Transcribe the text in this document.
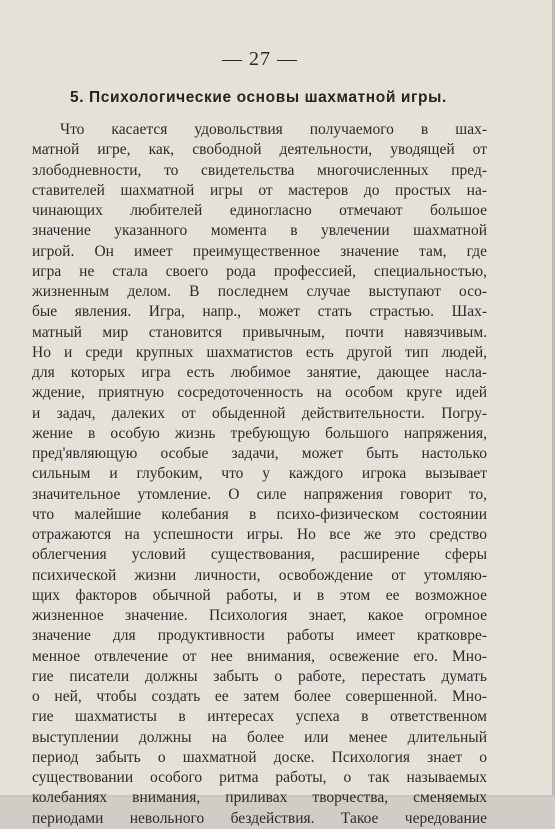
— 27 —

5. Психологические основы шахматной игры.
Что касается удовольствия получаемого в шах-
матной игре, как, свободной деятельности, уводящей от
злободневности, то свидетельства многочисленных пред-
ставителей шахматной игры от мастеров до простых на-
чинающих любителей единогласно отмечают большое
значение указанного момента в увлечении шахматной
игрой. Он имеет преимущественное значение там, где
игра не стала своего рода профессией, специальностью,
жизненным делом. В последнем случае выступают осо-
бые явления. Игра, напр., может стать страстью. Шах-
матный мир становится привычным, почти навязчивым.
Но и среди крупных шахматистов есть другой тип людей,
для которых игра есть любимое занятие, дающее насла-
ждение, приятную сосредоточенность на особом круге идей
и задач, далеких от обыденной действительности. Погру-
жение в особую жизнь требующую большого напряжения,
пред'являющую особые задачи, может быть настолько
сильным и глубоким, что у каждого игрока вызывает
значительное утомление. О силе напряжения говорит то,
что малейшие колебания в психо-физическом состоянии
отражаются на успешности игры. Но все же это средство
облегчения условий существования, расширение сферы
психической жизни личности, освобождение от утомляю-
щих факторов обычной работы, и в этом ее возможное
жизненное значение. Психология знает, какое огромное
значение для продуктивности работы имеет кратковре-
менное отвлечение от нее внимания, освежение его. Мно-
гие писатели должны забыть о работе, перестать думать
о ней, чтобы создать ее затем более совершенной. Мно-
гие шахматисты в интересах успеха в ответственном
выступлении должны на более или менее длительный
период забыть о шахматной доске. Психология знает о
существовании особого ритма работы, о так называемых
колебаниях внимания, приливах творчества, сменяемых
периодами невольного бездействия. Такое чередование
